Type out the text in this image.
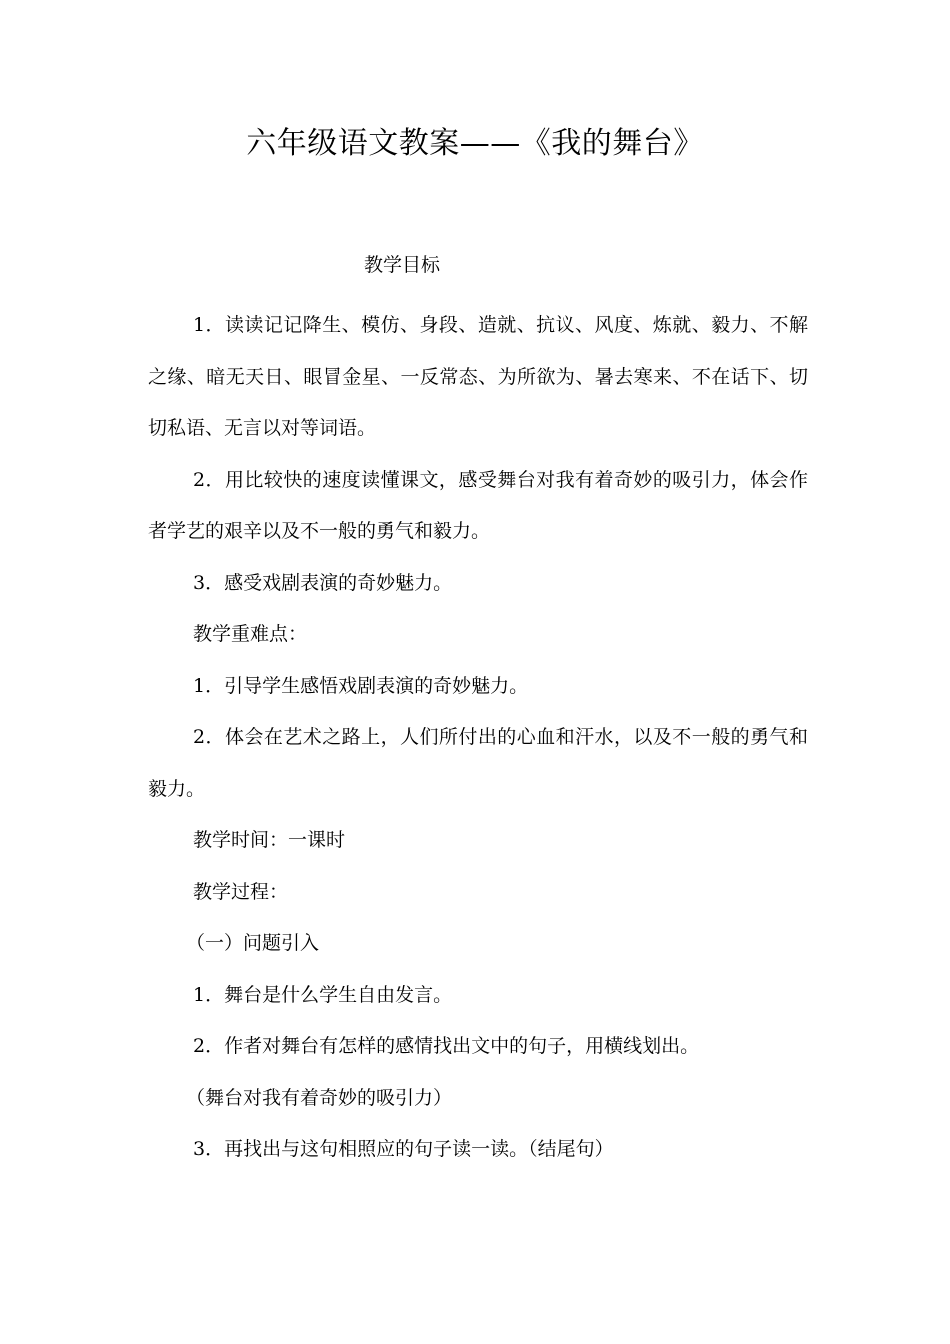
六年级语文教案——《我的舞台》
教学目标

1．读读记记降生、模仿、身段、造就、抗议、风度、炼就、毅力、不解之缘、暗无天日、眼冒金星、一反常态、为所欲为、暑去寒来、不在话下、切切私语、无言以对等词语。

2．用比较快的速度读懂课文，感受舞台对我有着奇妙的吸引力，体会作者学艺的艰辛以及不一般的勇气和毅力。

3．感受戏剧表演的奇妙魅力。

教学重难点：

1．引导学生感悟戏剧表演的奇妙魅力。

2．体会在艺术之路上，人们所付出的心血和汗水，以及不一般的勇气和毅力。

教学时间：一课时

教学过程：

（一）问题引入

1．舞台是什么学生自由发言。

2．作者对舞台有怎样的感情找出文中的句子，用横线划出。

（舞台对我有着奇妙的吸引力）

3．再找出与这句相照应的句子读一读。（结尾句）
